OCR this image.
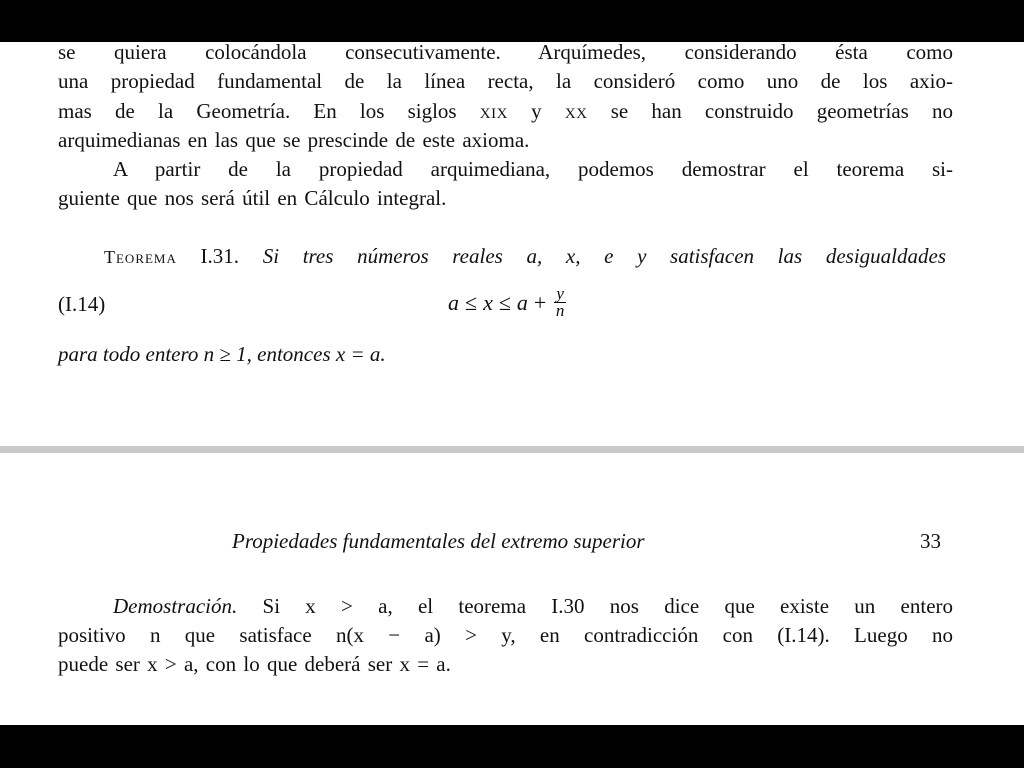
se quiera colocándola consecutivamente. Arquímedes, considerando ésta como
una propiedad fundamental de la línea recta, la consideró como uno de los axio-
mas de la Geometría. En los siglos xix y xx se han construido geometrías no
arquimedianas en las que se prescinde de este axioma.
A partir de la propiedad arquimediana, podemos demostrar el teorema si-
guiente que nos será útil en Cálculo integral.
Teorema I.31. Si tres números reales a, x, e y satisfacen las desigualdades
(I.14)	$a \le x \le a + \frac{y}{n}$
para todo entero n ≥ 1, entonces x = a.
Propiedades fundamentales del extremo superior	33
Demostración. Si x > a, el teorema I.30 nos dice que existe un entero
positivo n que satisface n(x − a) > y, en contradicción con (I.14). Luego no
puede ser x > a, con lo que deberá ser x = a.
